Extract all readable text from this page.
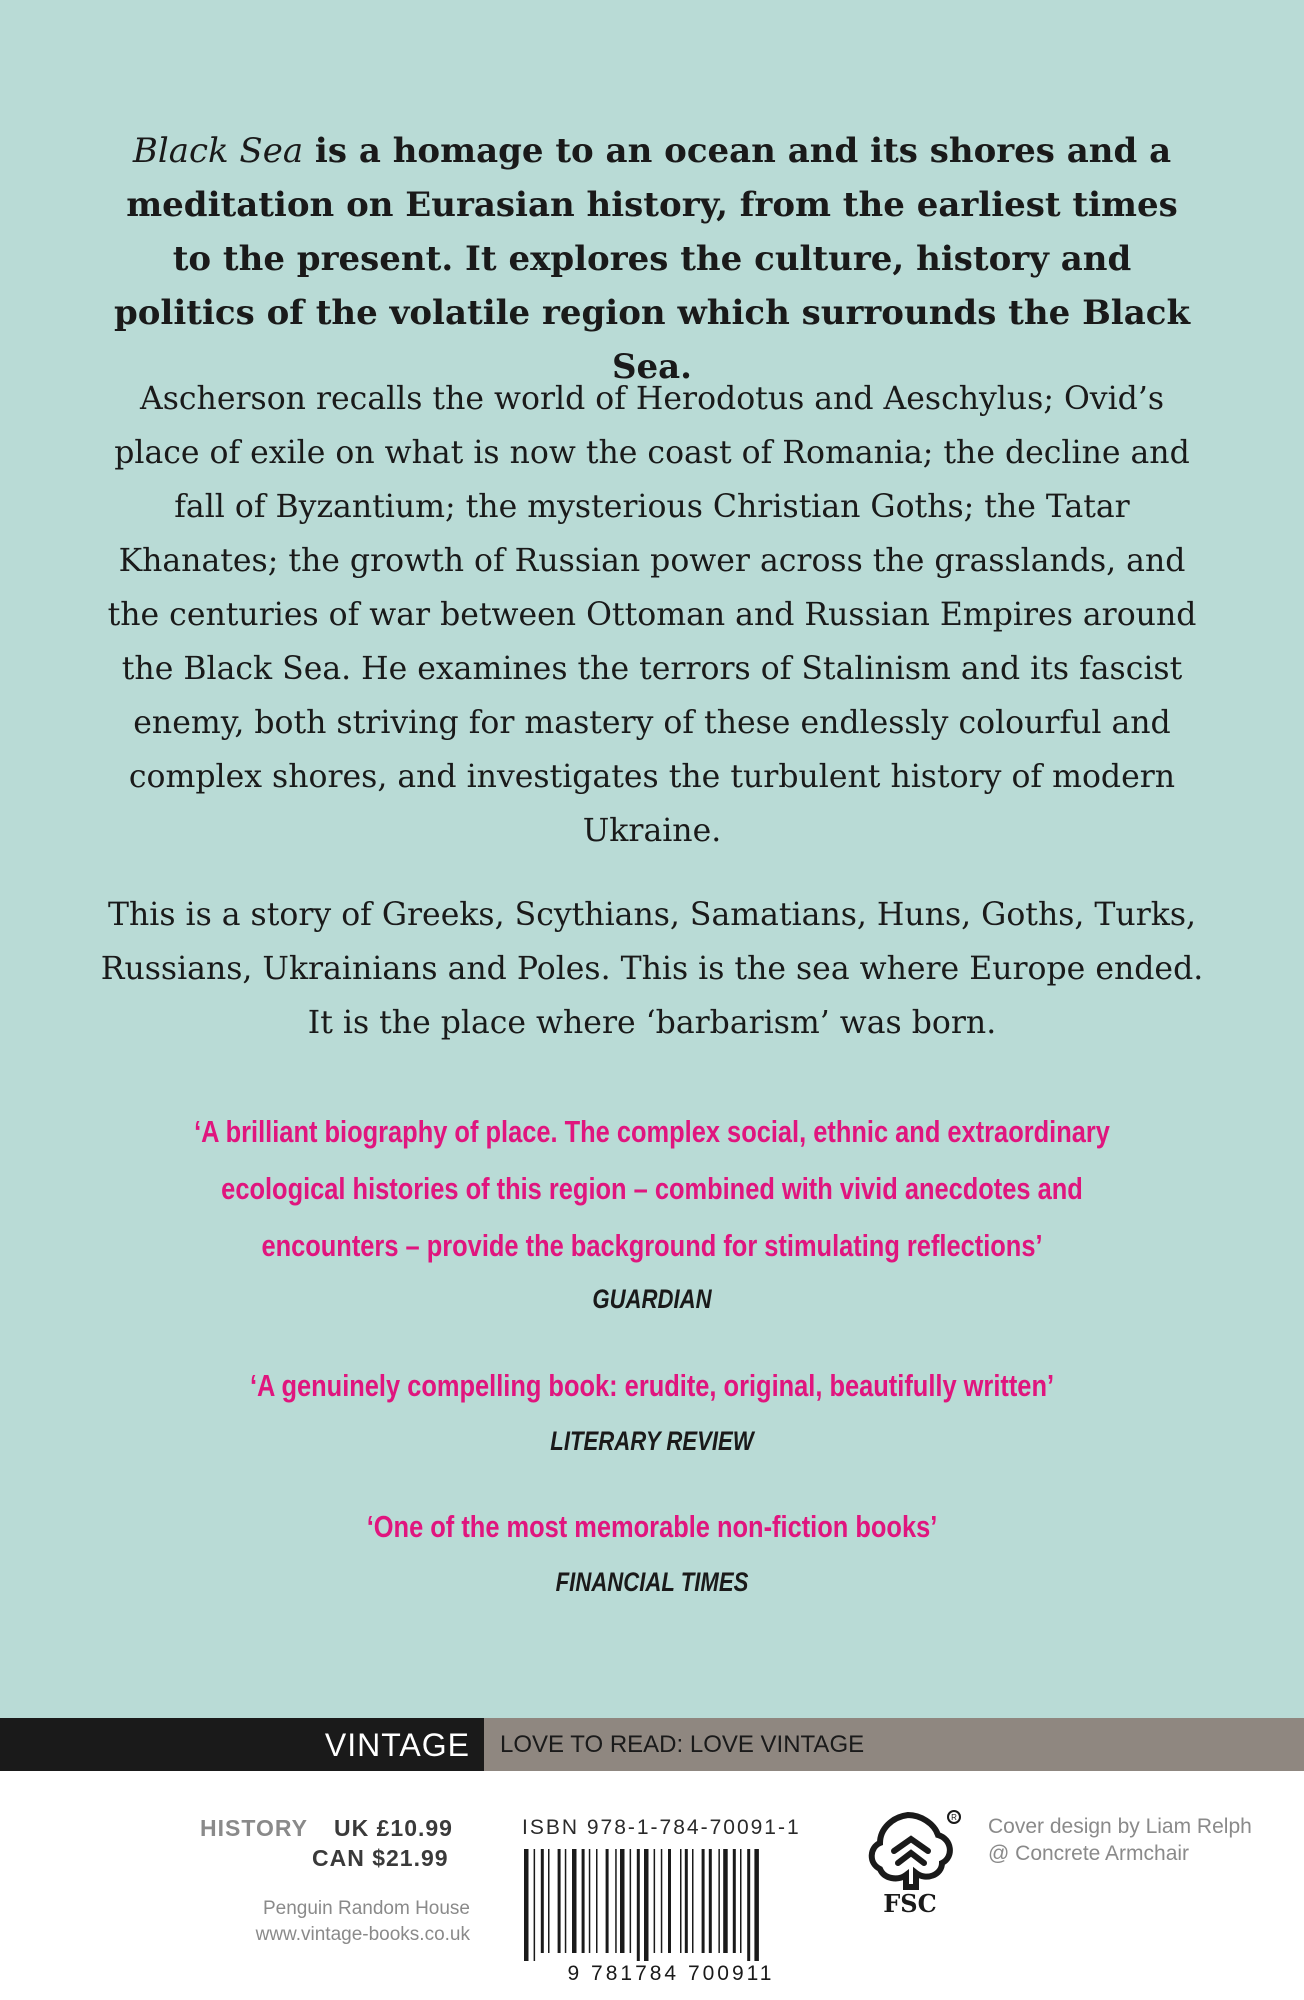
Black Sea is a homage to an ocean and its shores and a meditation on Eurasian history, from the earliest times to the present. It explores the culture, history and politics of the volatile region which surrounds the Black Sea.

Ascherson recalls the world of Herodotus and Aeschylus; Ovid’s place of exile on what is now the coast of Romania; the decline and fall of Byzantium; the mysterious Christian Goths; the Tatar Khanates; the growth of Russian power across the grasslands, and the centuries of war between Ottoman and Russian Empires around the Black Sea. He examines the terrors of Stalinism and its fascist enemy, both striving for mastery of these endlessly colourful and complex shores, and investigates the turbulent history of modern Ukraine.

This is a story of Greeks, Scythians, Samatians, Huns, Goths, Turks, Russians, Ukrainians and Poles. This is the sea where Europe ended. It is the place where ‘barbarism’ was born.

‘A brilliant biography of place. The complex social, ethnic and extraordinary ecological histories of this region – combined with vivid anecdotes and encounters – provide the background for stimulating reflections’

GUARDIAN

‘A genuinely compelling book: erudite, original, beautifully written’

LITERARY REVIEW

‘One of the most memorable non-fiction books’

FINANCIAL TIMES

VINTAGE LOVE TO READ: LOVE VINTAGE
HISTORY UK £10.99
CAN $21.99
Penguin Random House
www.vintage-books.co.uk
ISBN 978-1-784-70091-1
9 781784 700911
R
FSC
Cover design by Liam Relph @ Concrete Armchair
